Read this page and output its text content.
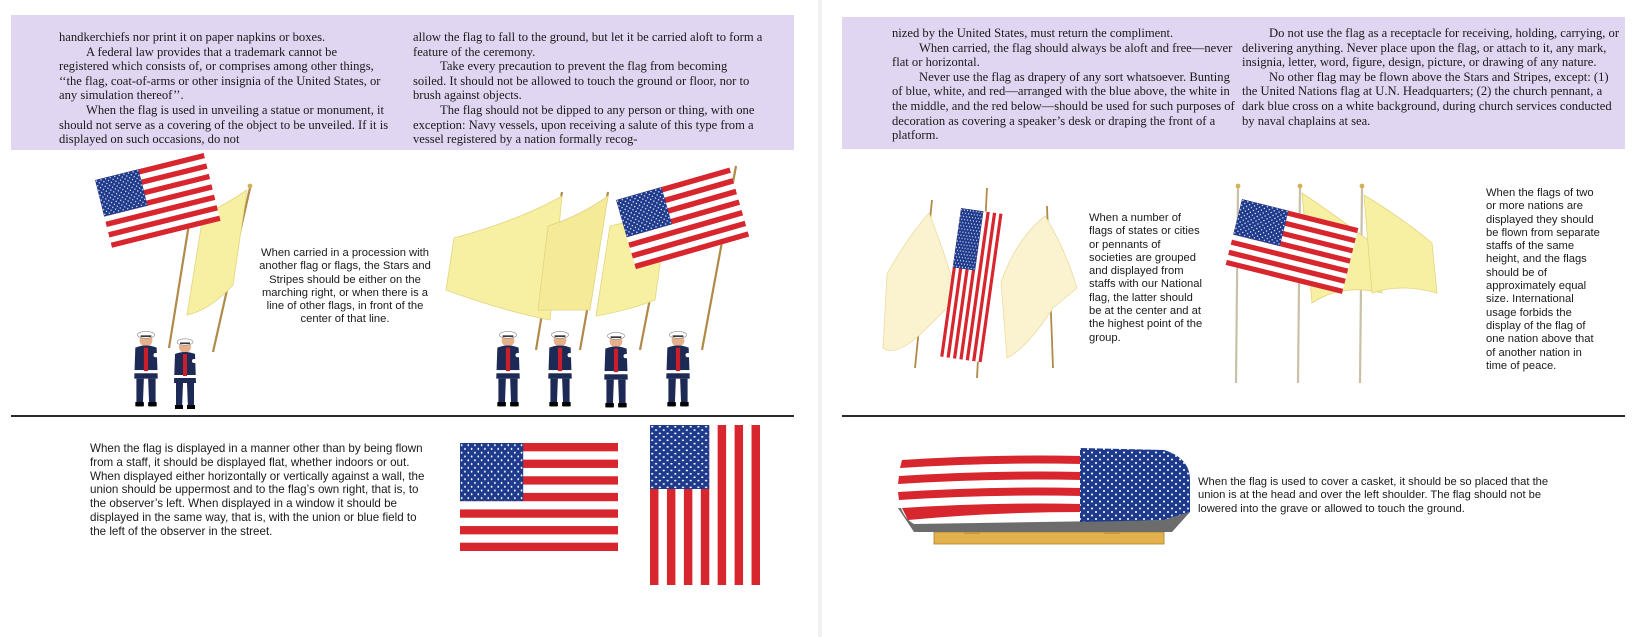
handkerchiefs nor print it on paper napkins or boxes.

A federal law provides that a trademark cannot be registered which consists of, or comprises among other things, ‘‘the flag, coat-of-arms or other insignia of the United States, or any simulation thereof’’.

When the flag is used in unveiling a statue or monument, it should not serve as a covering of the object to be unveiled. If it is displayed on such occasions, do not

allow the flag to fall to the ground, but let it be carried aloft to form a feature of the ceremony.

Take every precaution to prevent the flag from becoming soiled. It should not be allowed to touch the ground or floor, nor to brush against objects.

The flag should not be dipped to any person or thing, with one exception: Navy vessels, upon receiving a salute of this type from a vessel registered by a nation formally recog-

When carried in a procession with another flag or flags, the Stars and Stripes should be either on the marching right, or when there is a line of other flags, in front of the center of that line.
When the flag is displayed in a manner other than by being flown from a staff, it should be displayed flat, whether indoors or out. When displayed either horizontally or vertically against a wall, the union should be uppermost and to the flag’s own right, that is, to the observer’s left. When displayed in a window it should be displayed in the same way, that is, with the union or blue field to the left of the observer in the street.

nized by the United States, must return the compliment.

When carried, the flag should always be aloft and free—never flat or horizontal.

Never use the flag as drapery of any sort whatsoever. Bunting of blue, white, and red—arranged with the blue above, the white in the middle, and the red below—should be used for such purposes of decoration as covering a speaker’s desk or draping the front of a platform.

Do not use the flag as a receptacle for receiving, holding, carrying, or delivering anything. Never place upon the flag, or attach to it, any mark, insignia, letter, word, figure, design, picture, or drawing of any nature.

No other flag may be flown above the Stars and Stripes, except: (1) the United Nations flag at U.N. Headquarters; (2) the church pennant, a dark blue cross on a white background, during church services conducted by naval chaplains at sea.

When a number of flags of states or cities or pennants of societies are grouped and displayed from staffs with our National flag, the latter should be at the center and at the highest point of the group.
When the flags of two or more nations are displayed they should be flown from separate staffs of the same height, and the flags should be of approximately equal size. International usage forbids the display of the flag of one nation above that of another nation in time of peace.
When the flag is used to cover a casket, it should be so placed that the union is at the head and over the left shoulder. The flag should not be lowered into the grave or allowed to touch the ground.
